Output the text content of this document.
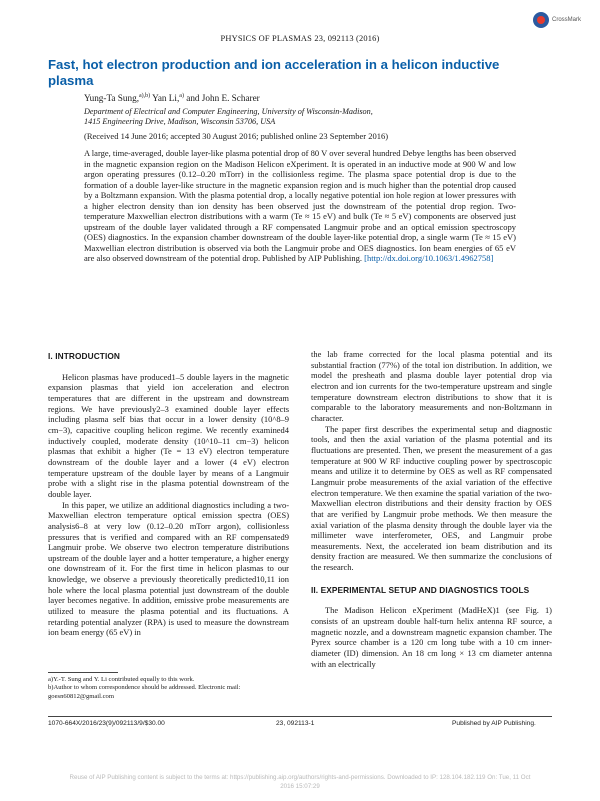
CrossMark
PHYSICS OF PLASMAS 23, 092113 (2016)
Fast, hot electron production and ion acceleration in a helicon inductive plasma
Yung-Ta Sung,$^{a),b)}$ Yan Li,$^{a)}$ and John E. Scharer
Department of Electrical and Computer Engineering, University of Wisconsin-Madison,
1415 Engineering Drive, Madison, Wisconsin 53706, USA
(Received 14 June 2016; accepted 30 August 2016; published online 23 September 2016)

A large, time-averaged, double layer-like plasma potential drop of 80 V over several hundred Debye lengths has been observed in the magnetic expansion region on the Madison Helicon eXperiment. It is operated in an inductive mode at 900 W and low argon operating pressures (0.12–0.20 mTorr) in the collisionless regime. The plasma space potential drop is due to the formation of a double layer-like structure in the magnetic expansion region and is much higher than the potential drop caused by a Boltzmann expansion. With the plasma potential drop, a locally negative potential ion hole region at lower pressures with a higher electron density than ion density has been observed just the downstream of the potential drop region. Two-temperature Maxwellian electron distributions with a warm (Te ≈ 15 eV) and bulk (Te ≈ 5 eV) components are observed just upstream of the double layer validated through a RF compensated Langmuir probe and an optical emission spectroscopy (OES) diagnostics. In the expansion chamber downstream of the double layer-like potential drop, a single warm (Te ≈ 15 eV) Maxwellian electron distribution is observed via both the Langmuir probe and OES diagnostics. Ion beam energies of 65 eV are also observed downstream of the potential drop. Published by AIP Publishing. [http://dx.doi.org/10.1063/1.4962758]

I. INTRODUCTION

Helicon plasmas have produced1–5 double layers in the magnetic expansion plasmas that yield ion acceleration and electron temperatures that are different in the upstream and downstream regions. We have previously2–3 examined double layer effects including plasma self bias that occur in a lower density (10^8–9 cm−3), capacitive coupling helicon regime. We recently examined4 inductively coupled, moderate density (10^10–11 cm−3) helicon plasmas that exhibit a higher (Te = 13 eV) electron temperature downstream of the double layer and a lower (4 eV) electron temperature upstream of the double layer by means of a Langmuir probe with a slight rise in the plasma potential downstream of the double layer.

In this paper, we utilize an additional diagnostics including a two-Maxwellian electron temperature optical emission spectra (OES) analysis6–8 at very low (0.12–0.20 mTorr argon), collisionless pressures that is verified and compared with an RF compensated9 Langmuir probe. We observe two electron temperature distributions upstream of the double layer and a hotter temperature, a higher energy one downstream of it. For the first time in helicon plasmas to our knowledge, we observe a previously theoretically predicted10,11 ion hole where the local plasma potential just downstream of the double layer becomes negative. In addition, emissive probe measurements are utilized to measure the plasma potential and its fluctuations. A retarding potential analyzer (RPA) is used to measure the downstream ion beam energy (65 eV) in

the lab frame corrected for the local plasma potential and its substantial fraction (77%) of the total ion distribution. In addition, we model the presheath and plasma double layer potential drop via electron and ion currents for the two-temperature upstream and single temperature downstream electron distributions to show that it is comparable to the laboratory measurements and non-Boltzmann in character.

The paper first describes the experimental setup and diagnostic tools, and then the axial variation of the plasma potential and its fluctuations are presented. Then, we present the measurement of a gas temperature at 900 W RF inductive coupling power by spectroscopic means and utilize it to determine by OES as well as RF compensated Langmuir probe measurements of the axial variation of the effective electron temperature. We then examine the spatial variation of the two-Maxwellian electron distributions and their density fraction by OES that are verified by Langmuir probe methods. We then measure the axial variation of the plasma density through the double layer via the millimeter wave interferometer, OES, and Langmuir probe measurements. Next, the accelerated ion beam distribution and its density fraction are measured. We then summarize the conclusions of the research.

II. EXPERIMENTAL SETUP AND DIAGNOSTICS TOOLS

The Madison Helicon eXperiment (MadHeX)1 (see Fig. 1) consists of an upstream double half-turn helix antenna RF source, a magnetic nozzle, and a downstream magnetic expansion chamber. The Pyrex source chamber is a 120 cm long tube with a 10 cm inner-diameter (ID) dimension. An 18 cm long × 13 cm diameter antenna with an electrically

a)Y.-T. Sung and Y. Li contributed equally to this work.
b)Author to whom correspondence should be addressed. Electronic mail: goesn60812@gmail.com
1070-664X/2016/23(9)/092113/9/$30.00	23, 092113-1	Published by AIP Publishing.
Reuse of AIP Publishing content is subject to the terms at: https://publishing.aip.org/authors/rights-and-permissions. Downloaded to IP: 128.104.182.119 On: Tue, 11 Oct
2016 15:07:29
